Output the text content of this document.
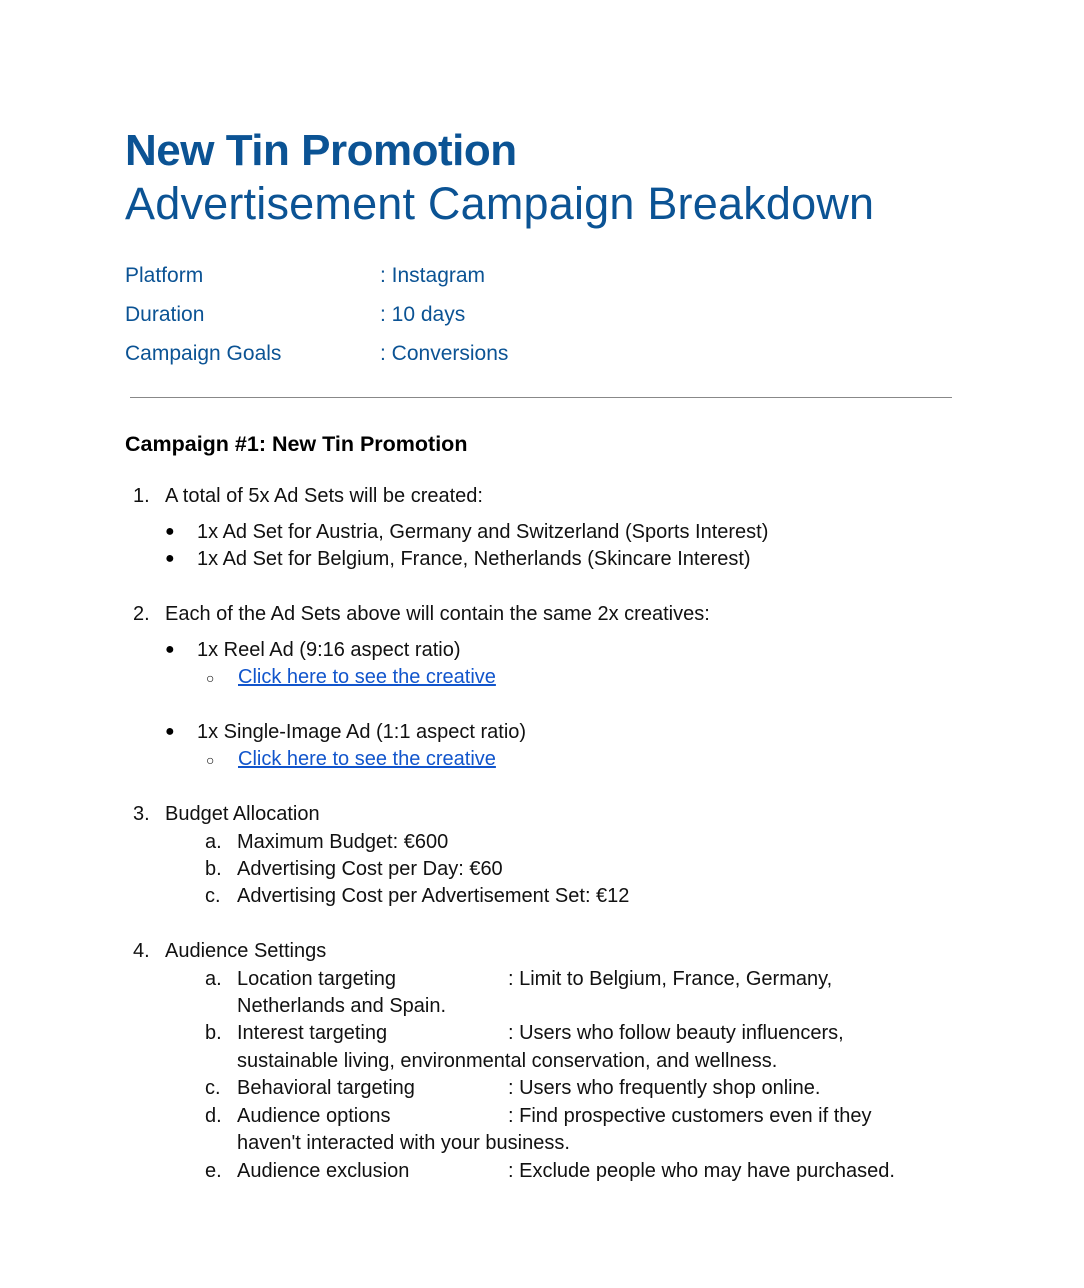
New Tin Promotion
Advertisement Campaign Breakdown
Platform	: Instagram
Duration	: 10 days
Campaign Goals	: Conversions
Campaign #1: New Tin Promotion
1. A total of 5x Ad Sets will be created:
● 1x Ad Set for Austria, Germany and Switzerland (Sports Interest)
● 1x Ad Set for Belgium, France, Netherlands (Skincare Interest)
2. Each of the Ad Sets above will contain the same 2x creatives:
● 1x Reel Ad (9:16 aspect ratio)
○ Click here to see the creative
● 1x Single-Image Ad (1:1 aspect ratio)
○ Click here to see the creative
3. Budget Allocation
a. Maximum Budget: €600
b. Advertising Cost per Day: €60
c. Advertising Cost per Advertisement Set: €12
4. Audience Settings
a. Location targeting	: Limit to Belgium, France, Germany,
Netherlands and Spain.
b. Interest targeting	: Users who follow beauty influencers,
sustainable living, environmental conservation, and wellness.
c. Behavioral targeting	: Users who frequently shop online.
d. Audience options	: Find prospective customers even if they
haven't interacted with your business.
e. Audience exclusion	: Exclude people who may have purchased.
